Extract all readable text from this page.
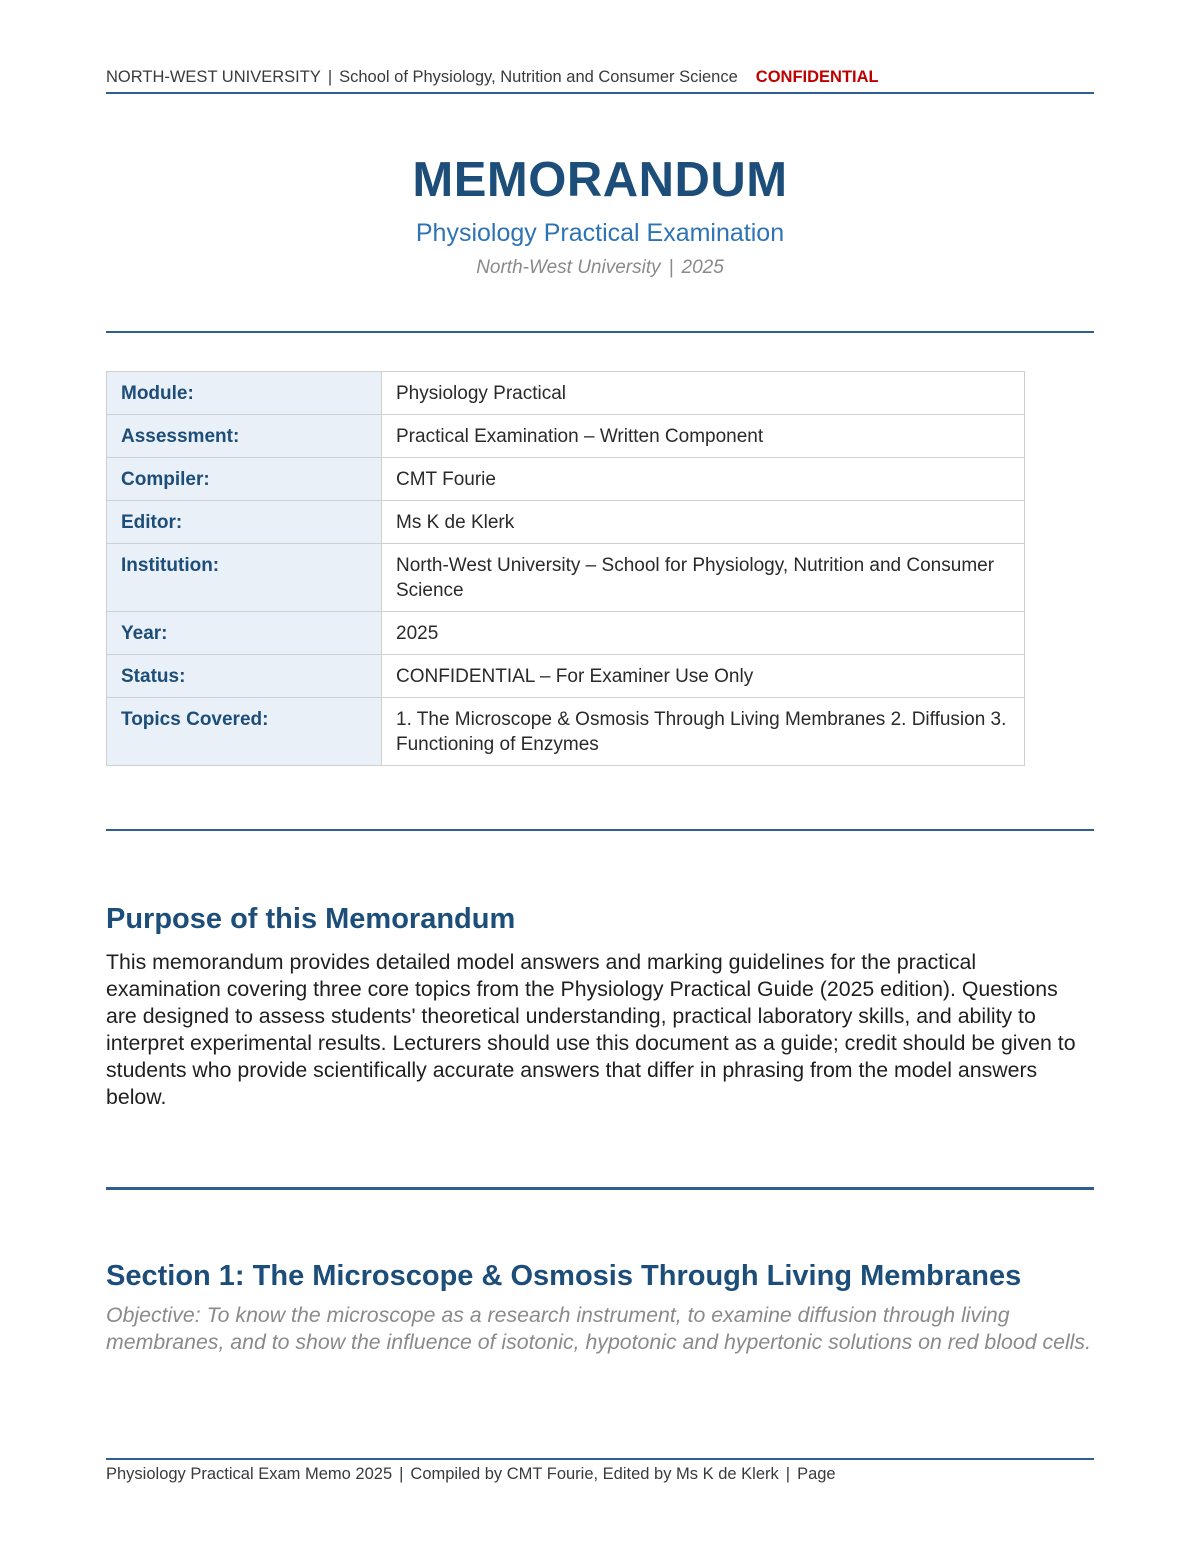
NORTH-WEST UNIVERSITY | School of Physiology, Nutrition and Consumer Science CONFIDENTIAL
MEMORANDUM
Physiology Practical Examination
North-West University | 2025
Module:	Physiology Practical
Assessment:	Practical Examination – Written Component
Compiler:	CMT Fourie
Editor:	Ms K de Klerk
Institution:	North-West University – School for Physiology, Nutrition and Consumer Science
Year:	2025
Status:	CONFIDENTIAL – For Examiner Use Only
Topics Covered:	1. The Microscope & Osmosis Through Living Membranes 2. Diffusion 3. Functioning of Enzymes
Purpose of this Memorandum

This memorandum provides detailed model answers and marking guidelines for the practical examination covering three core topics from the Physiology Practical Guide (2025 edition). Questions are designed to assess students' theoretical understanding, practical laboratory skills, and ability to interpret experimental results. Lecturers should use this document as a guide; credit should be given to students who provide scientifically accurate answers that differ in phrasing from the model answers below.

Section 1: The Microscope & Osmosis Through Living Membranes

Objective: To know the microscope as a research instrument, to examine diffusion through living membranes, and to show the influence of isotonic, hypotonic and hypertonic solutions on red blood cells.

Physiology Practical Exam Memo 2025 | Compiled by CMT Fourie, Edited by Ms K de Klerk | Page
